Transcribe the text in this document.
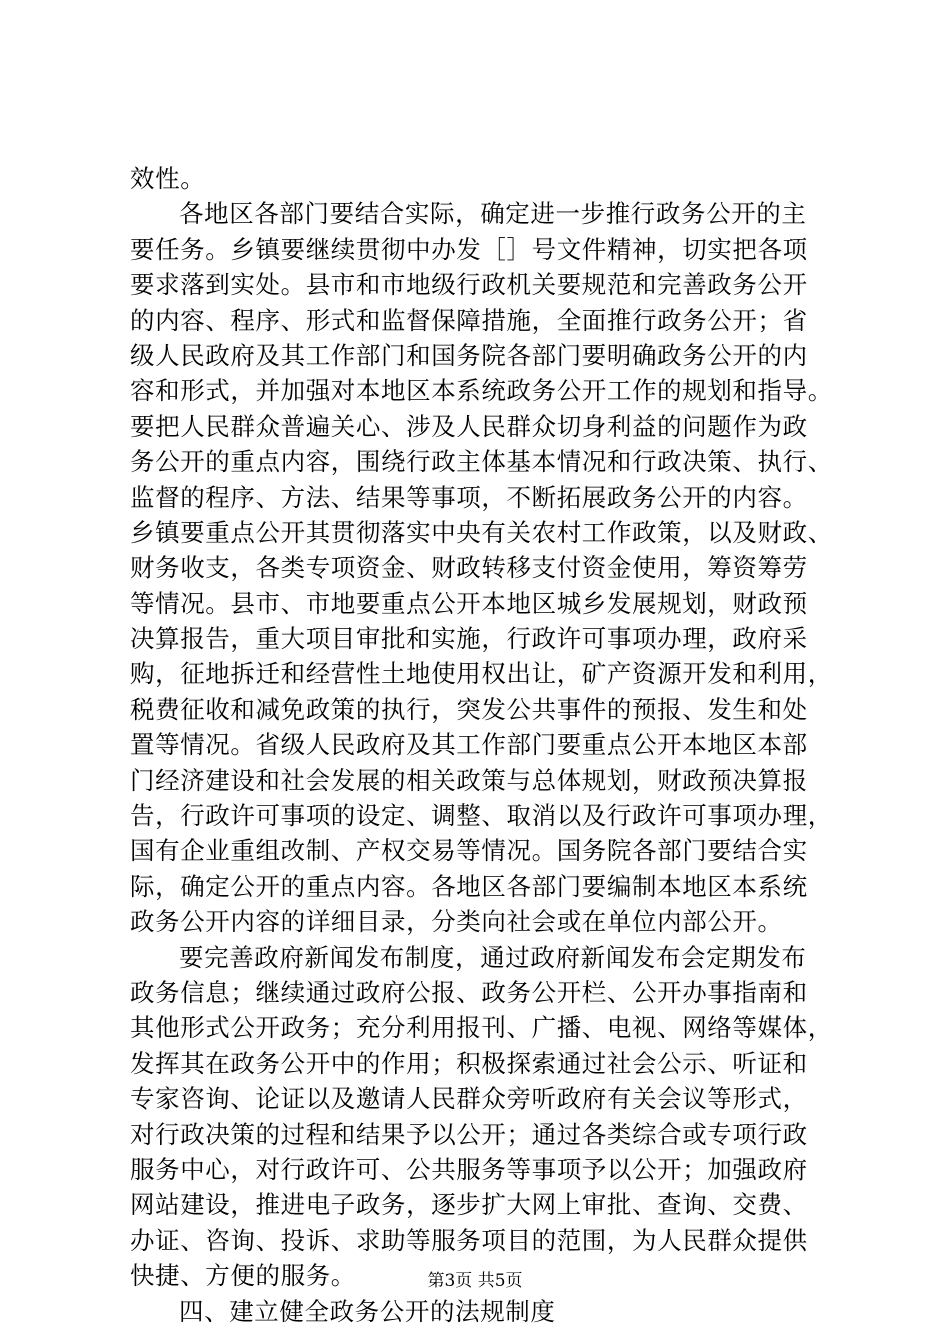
效性。
各地区各部门要结合实际，确定进一步推行政务公开的主
要任务。乡镇要继续贯彻中办发［］号文件精神，切实把各项
要求落到实处。县市和市地级行政机关要规范和完善政务公开
的内容、程序、形式和监督保障措施，全面推行政务公开；省
级人民政府及其工作部门和国务院各部门要明确政务公开的内
容和形式，并加强对本地区本系统政务公开工作的规划和指导。
要把人民群众普遍关心、涉及人民群众切身利益的问题作为政
务公开的重点内容，围绕行政主体基本情况和行政决策、执行、
监督的程序、方法、结果等事项，不断拓展政务公开的内容。
乡镇要重点公开其贯彻落实中央有关农村工作政策，以及财政、
财务收支，各类专项资金、财政转移支付资金使用，筹资筹劳
等情况。县市、市地要重点公开本地区城乡发展规划，财政预
决算报告，重大项目审批和实施，行政许可事项办理，政府采
购，征地拆迁和经营性土地使用权出让，矿产资源开发和利用，
税费征收和减免政策的执行，突发公共事件的预报、发生和处
置等情况。省级人民政府及其工作部门要重点公开本地区本部
门经济建设和社会发展的相关政策与总体规划，财政预决算报
告，行政许可事项的设定、调整、取消以及行政许可事项办理，
国有企业重组改制、产权交易等情况。国务院各部门要结合实
际，确定公开的重点内容。各地区各部门要编制本地区本系统
政务公开内容的详细目录，分类向社会或在单位内部公开。
要完善政府新闻发布制度，通过政府新闻发布会定期发布
政务信息；继续通过政府公报、政务公开栏、公开办事指南和
其他形式公开政务；充分利用报刊、广播、电视、网络等媒体，
发挥其在政务公开中的作用；积极探索通过社会公示、听证和
专家咨询、论证以及邀请人民群众旁听政府有关会议等形式，
对行政决策的过程和结果予以公开；通过各类综合或专项行政
服务中心，对行政许可、公共服务等事项予以公开；加强政府
网站建设，推进电子政务，逐步扩大网上审批、查询、交费、
办证、咨询、投诉、求助等服务项目的范围，为人民群众提供
快捷、方便的服务。
四、建立健全政务公开的法规制度
第3页 共5页
